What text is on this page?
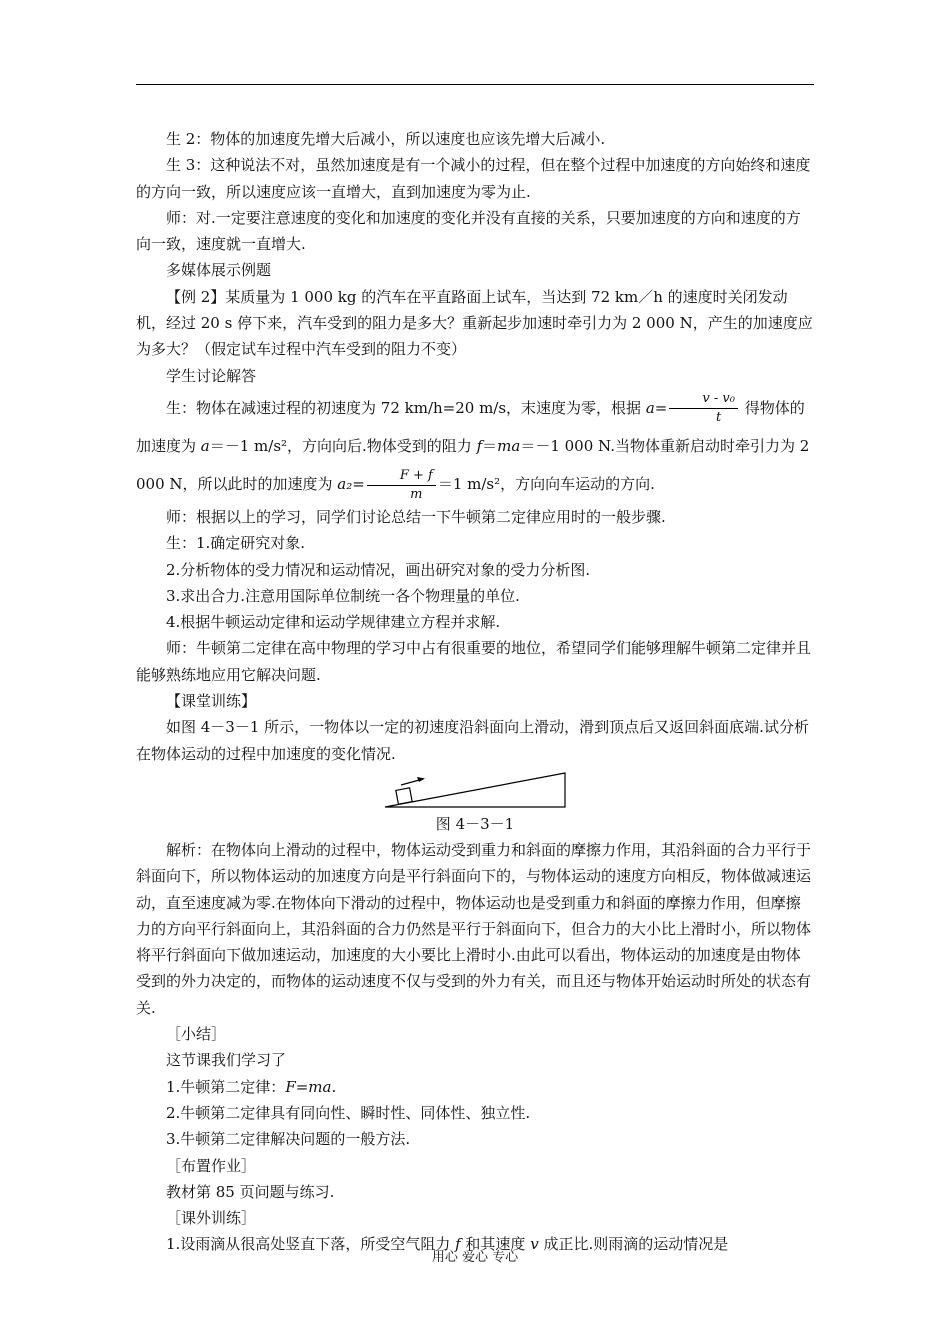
生 2：物体的加速度先增大后减小，所以速度也应该先增大后减小.

生 3：这种说法不对，虽然加速度是有一个减小的过程，但在整个过程中加速度的方向始终和速度的方向一致，所以速度应该一直增大，直到加速度为零为止.

师：对.一定要注意速度的变化和加速度的变化并没有直接的关系，只要加速度的方向和速度的方向一致，速度就一直增大.

多媒体展示例题

【例 2】某质量为 1 000 kg 的汽车在平直路面上试车，当达到 72 km／h 的速度时关闭发动机，经过 20 s 停下来，汽车受到的阻力是多大？重新起步加速时牵引力为 2 000 N，产生的加速度应为多大？（假定试车过程中汽车受到的阻力不变）

学生讨论解答

生：物体在减速过程的初速度为 72 km/h=20 m/s，末速度为零，根据 $a= \frac{\text{v - v₀}}{t}$ 得物体的加速度为 a＝－1 m/s²，方向向后.物体受到的阻力 f＝ma＝－1 000 N.当物体重新启动时牵引力为 2 000 N，所以此时的加速度为 $a_2= \frac{F + f}{m} =1$ m/s²，方向向车运动的方向.

师：根据以上的学习，同学们讨论总结一下牛顿第二定律应用时的一般步骤.

生：1.确定研究对象.

2.分析物体的受力情况和运动情况，画出研究对象的受力分析图.

3.求出合力.注意用国际单位制统一各个物理量的单位.

4.根据牛顿运动定律和运动学规律建立方程并求解.

师：牛顿第二定律在高中物理的学习中占有很重要的地位，希望同学们能够理解牛顿第二定律并且能够熟练地应用它解决问题.

【课堂训练】

如图 4－3－1 所示，一物体以一定的初速度沿斜面向上滑动，滑到顶点后又返回斜面底端.试分析在物体运动的过程中加速度的变化情况.

图 4－3－1

解析：在物体向上滑动的过程中，物体运动受到重力和斜面的摩擦力作用，其沿斜面的合力平行于斜面向下，所以物体运动的加速度方向是平行斜面向下的，与物体运动的速度方向相反，物体做减速运动，直至速度减为零.在物体向下滑动的过程中，物体运动也是受到重力和斜面的摩擦力作用，但摩擦力的方向平行斜面向上，其沿斜面的合力仍然是平行于斜面向下，但合力的大小比上滑时小，所以物体将平行斜面向下做加速运动，加速度的大小要比上滑时小.由此可以看出，物体运动的加速度是由物体受到的外力决定的，而物体的运动速度不仅与受到的外力有关，而且还与物体开始运动时所处的状态有关.

［小结］

这节课我们学习了

1.牛顿第二定律：F=ma.

2.牛顿第二定律具有同向性、瞬时性、同体性、独立性.

3.牛顿第二定律解决问题的一般方法.

［布置作业］

教材第 85 页问题与练习.

［课外训练］

1.设雨滴从很高处竖直下落，所受空气阻力 f 和其速度 v 成正比.则雨滴的运动情况是

用心 爱心 专心
